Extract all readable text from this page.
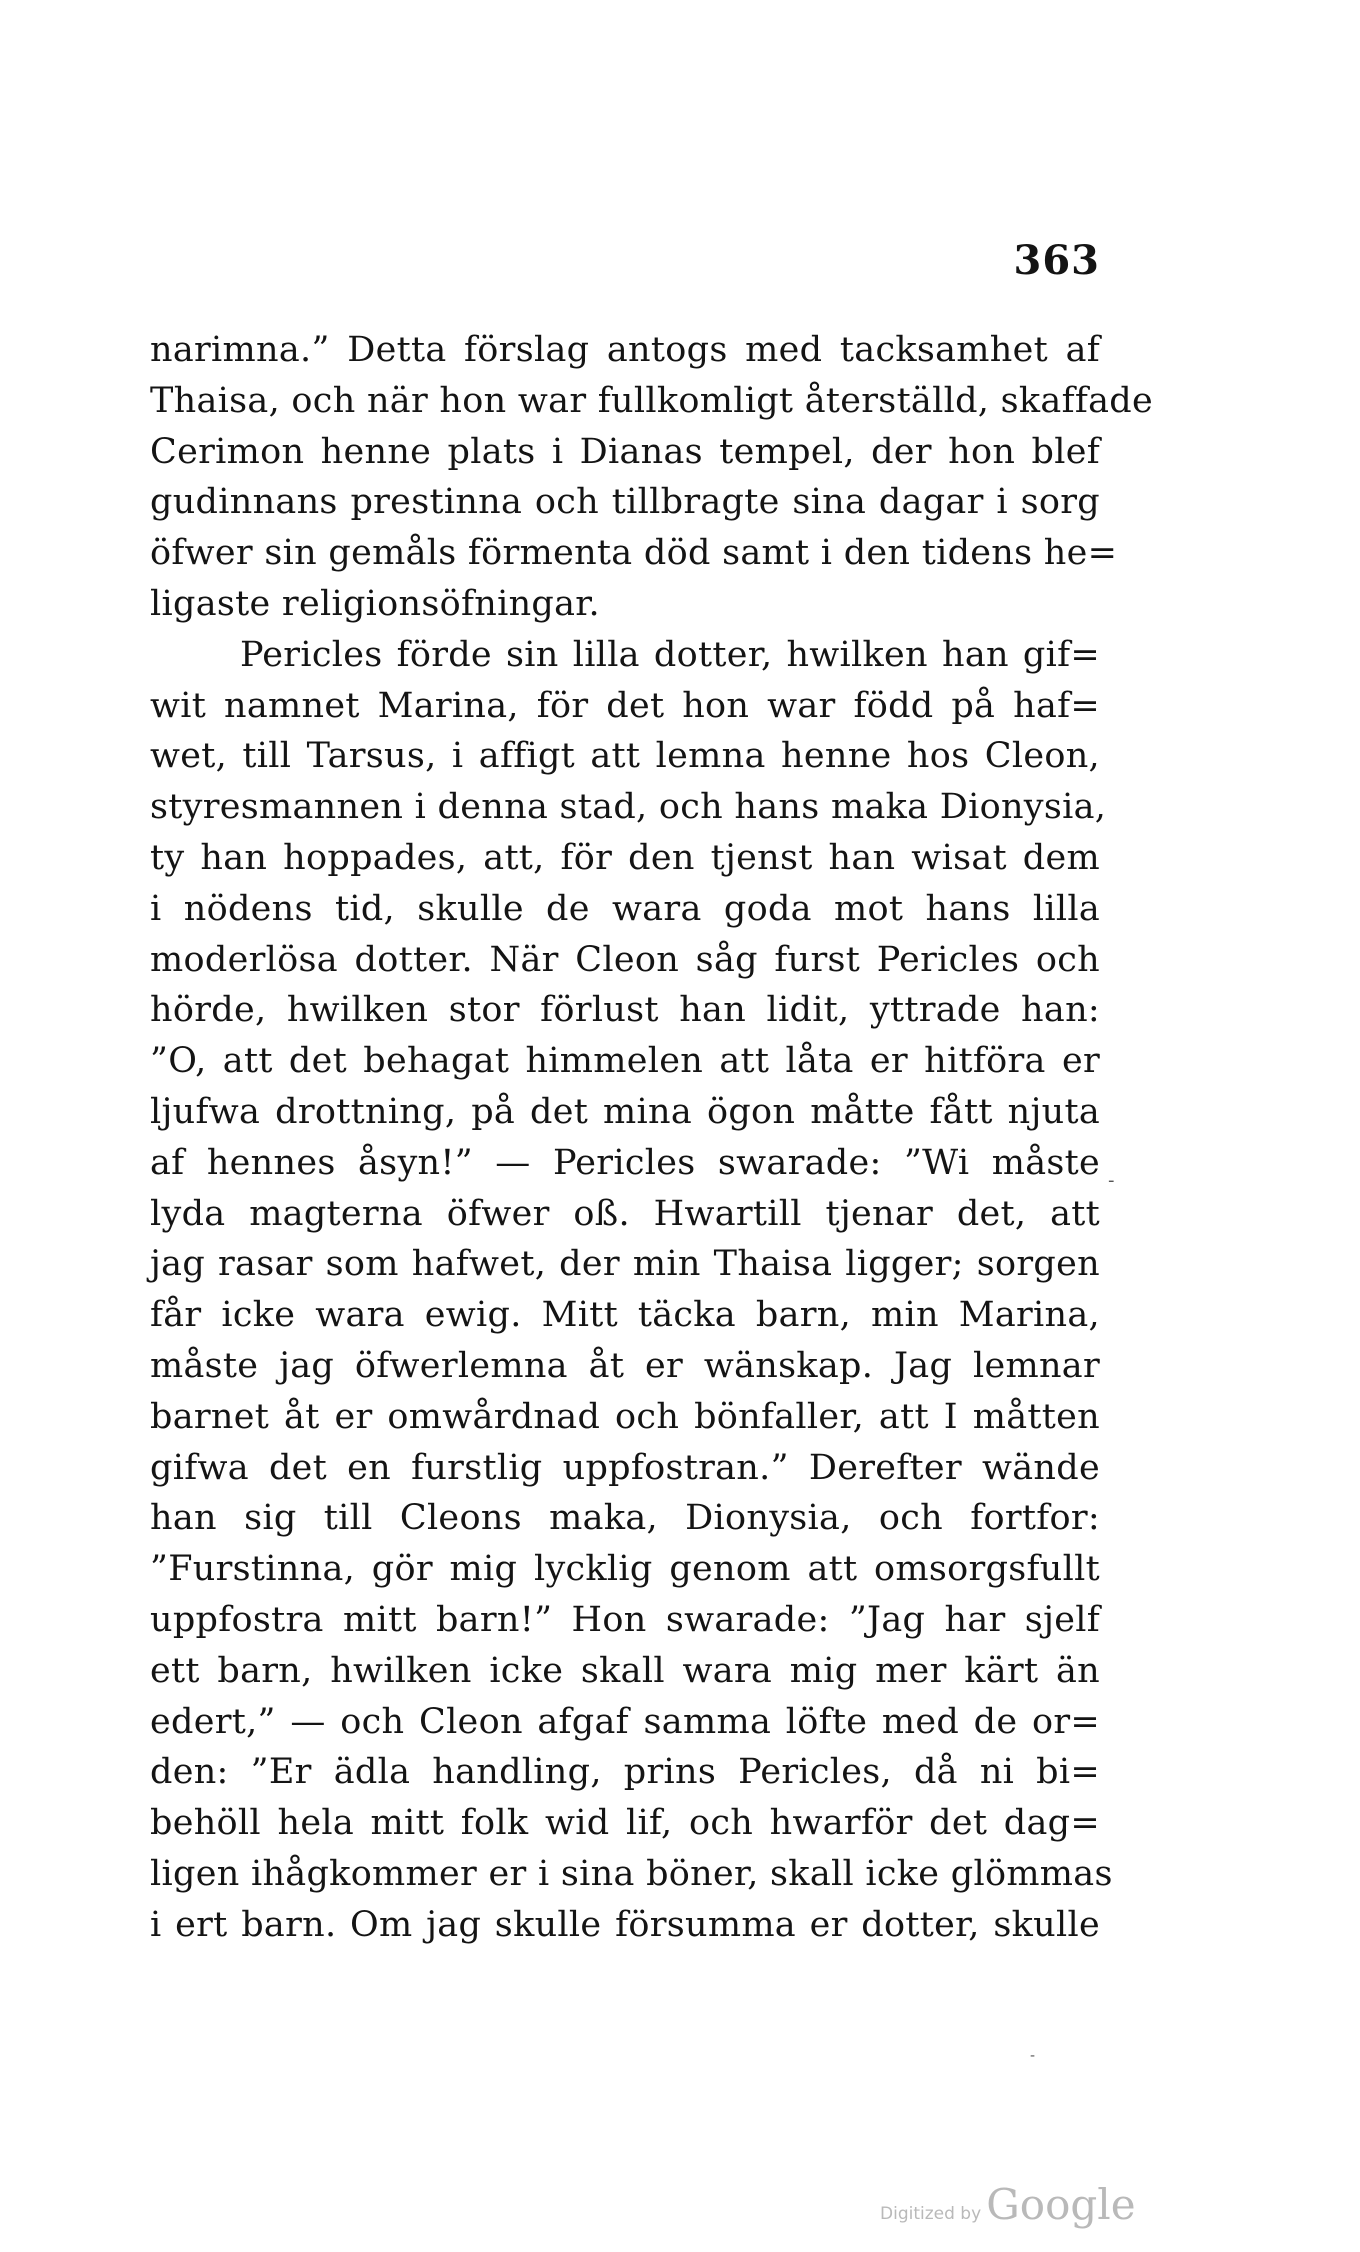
363
narimna.” Detta förslag antogs med tacksamhet af
Thaisa, och när hon war fullkomligt återställd, skaffade
Cerimon henne plats i Dianas tempel, der hon blef
gudinnans prestinna och tillbragte sina dagar i sorg
öfwer sin gemåls förmenta död samt i den tidens he=
ligaste religionsöfningar.
Pericles förde sin lilla dotter, hwilken han gif=
wit namnet Marina, för det hon war född på haf=
wet, till Tarsus, i affigt att lemna henne hos Cleon,
styresmannen i denna stad, och hans maka Dionysia,
ty han hoppades, att, för den tjenst han wisat dem
i nödens tid, skulle de wara goda mot hans lilla
moderlösa dotter. När Cleon såg furst Pericles och
hörde, hwilken stor förlust han lidit, yttrade han:
”O, att det behagat himmelen att låta er hitföra er
ljufwa drottning, på det mina ögon måtte fått njuta
af hennes åsyn!” — Pericles swarade: ”Wi måste
lyda magterna öfwer oß. Hwartill tjenar det, att
jag rasar som hafwet, der min Thaisa ligger; sorgen
får icke wara ewig. Mitt täcka barn, min Marina,
måste jag öfwerlemna åt er wänskap. Jag lemnar
barnet åt er omwårdnad och bönfaller, att I måtten
gifwa det en furstlig uppfostran.” Derefter wände
han sig till Cleons maka, Dionysia, och fortfor:
”Furstinna, gör mig lycklig genom att omsorgsfullt
uppfostra mitt barn!” Hon swarade: ”Jag har sjelf
ett barn, hwilken icke skall wara mig mer kärt än
edert,” — och Cleon afgaf samma löfte med de or=
den: ”Er ädla handling, prins Pericles, då ni bi=
behöll hela mitt folk wid lif, och hwarför det dag=
ligen ihågkommer er i sina böner, skall icke glömmas
i ert barn. Om jag skulle försumma er dotter, skulle
-
-
Digitized by Google
